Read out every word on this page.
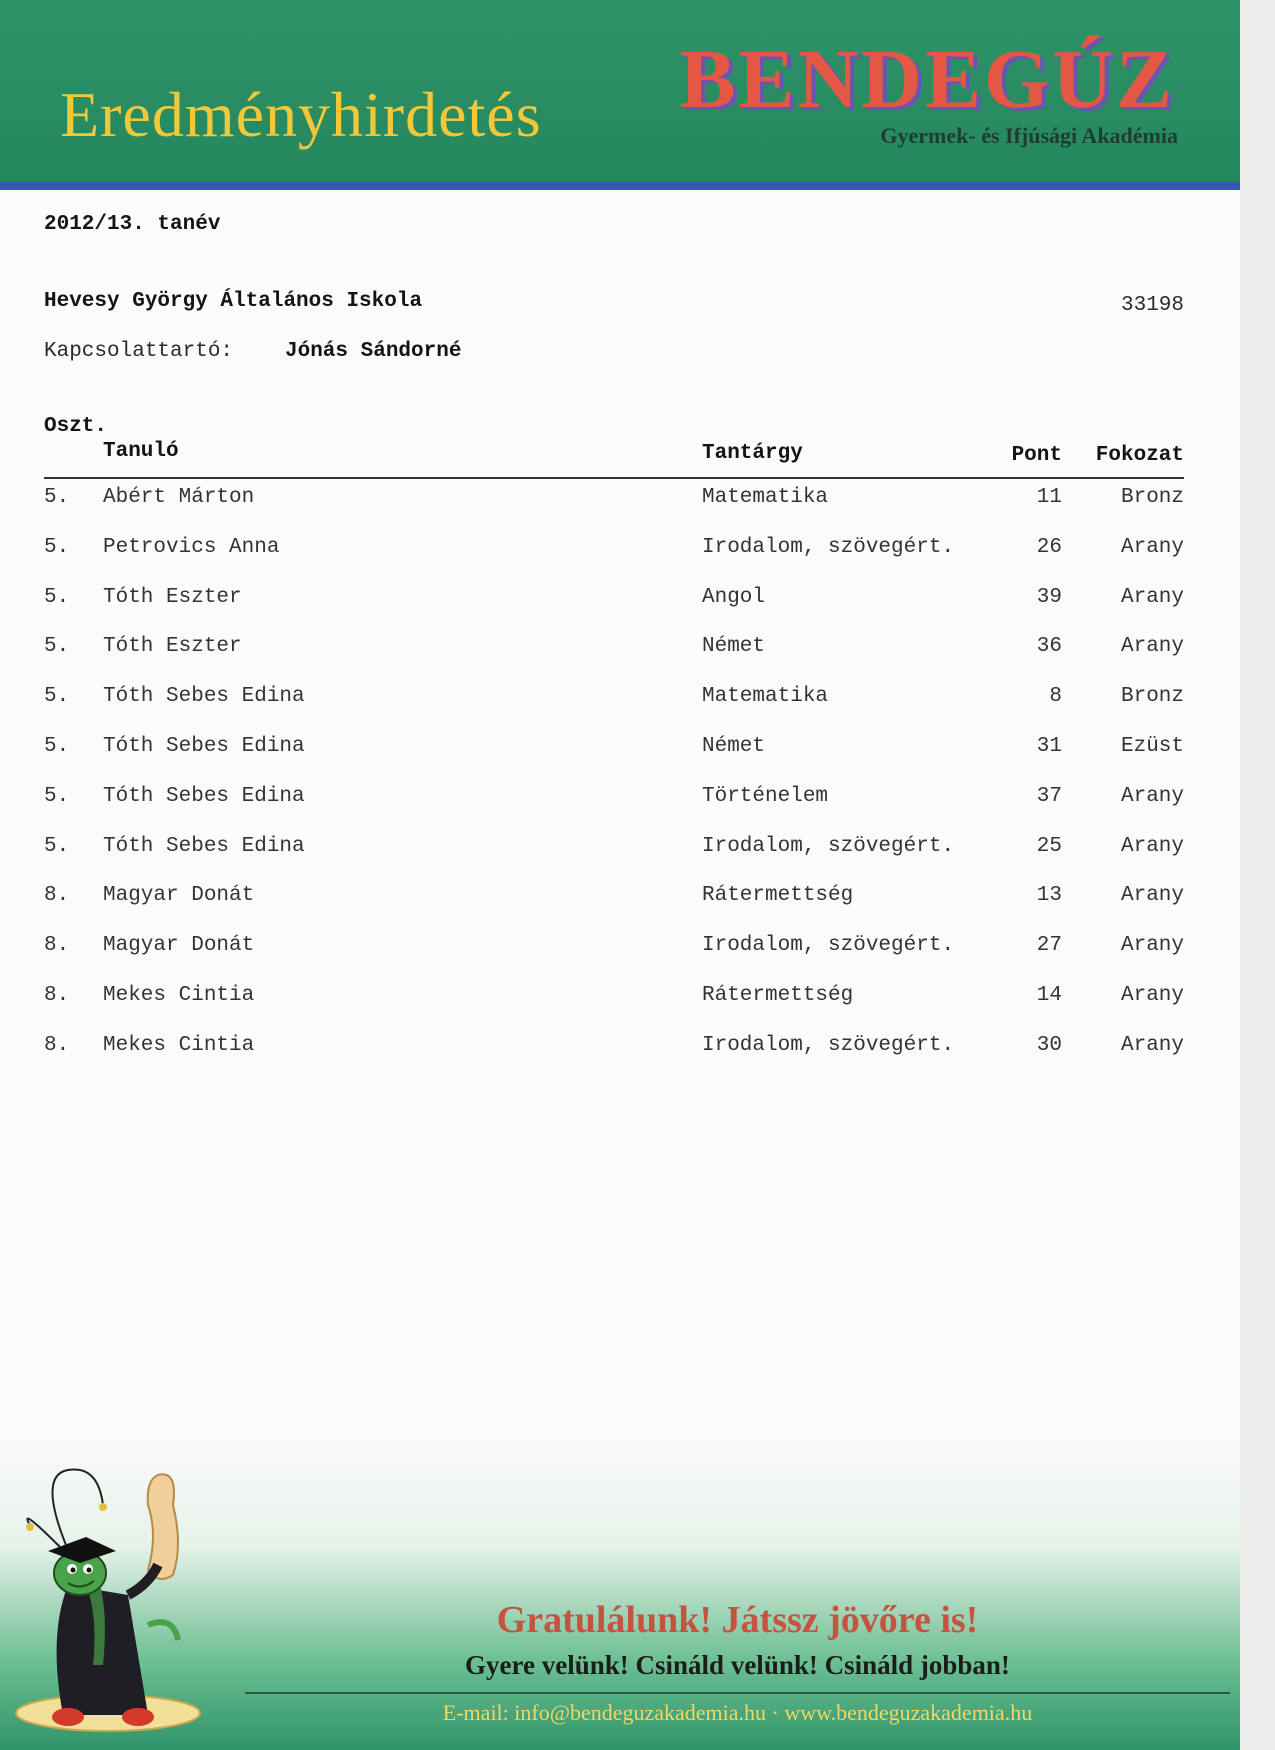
Eredményhirdetés BENDEGÚZ
Gyermek- és Ifjúsági Akadémia
2012/13. tanév
Hevesy György Általános Iskola	33198
Kapcsolattartó: Jónás Sándorné
Oszt.
Tanuló	Tantárgy	Pont	Fokozat
5. Abért Márton	Matematika	11	Bronz
5. Petrovics Anna	Irodalom, szövegért.	26	Arany
5. Tóth Eszter	Angol	39	Arany
5. Tóth Eszter	Német	36	Arany
5. Tóth Sebes Edina	Matematika	8	Bronz
5. Tóth Sebes Edina	Német	31	Ezüst
5. Tóth Sebes Edina	Történelem	37	Arany
5. Tóth Sebes Edina	Irodalom, szövegért.	25	Arany
8. Magyar Donát	Rátermettség	13	Arany
8. Magyar Donát	Irodalom, szövegért.	27	Arany
8. Mekes Cintia	Rátermettség	14	Arany
8. Mekes Cintia	Irodalom, szövegért.	30	Arany
Gratulálunk! Játssz jövőre is!
Gyere velünk! Csináld velünk! Csináld jobban!
E-mail: info@bendeguzakademia.hu · www.bendeguzakademia.hu
